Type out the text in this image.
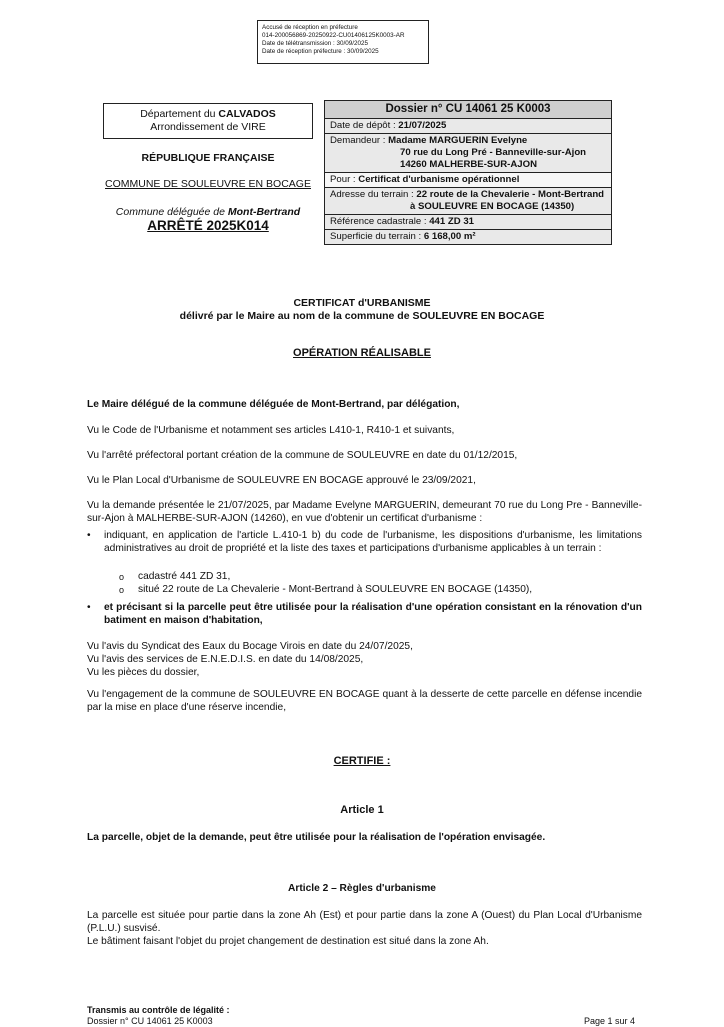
Accusé de réception en préfecture
014-200056869-20250922-CU01406125K0003-AR
Date de télétransmission : 30/09/2025
Date de réception préfecture : 30/09/2025
Département du CALVADOS
Arrondissement de VIRE
RÉPUBLIQUE FRANÇAISE
COMMUNE DE SOULEUVRE EN BOCAGE
Commune déléguée de Mont-Bertrand
ARRÊTÉ 2025K014
Dossier n° CU 14061 25 K0003
Date de dépôt : 21/07/2025
Demandeur : Madame MARGUERIN Evelyne
70 rue du Long Pré - Banneville-sur-Ajon
14260 MALHERBE-SUR-AJON
Pour : Certificat d'urbanisme opérationnel
Adresse du terrain : 22 route de la Chevalerie - Mont-Bertrand
à SOULEUVRE EN BOCAGE (14350)
Référence cadastrale : 441 ZD 31
Superficie du terrain : 6 168,00 m²
CERTIFICAT d'URBANISME
délivré par le Maire au nom de la commune de SOULEUVRE EN BOCAGE
OPÉRATION RÉALISABLE
Le Maire délégué de la commune déléguée de Mont-Bertrand, par délégation,
Vu le Code de l'Urbanisme et notamment ses articles L410-1, R410-1 et suivants,
Vu l'arrêté préfectoral portant création de la commune de SOULEUVRE en date du 01/12/2015,
Vu le Plan Local d'Urbanisme de SOULEUVRE EN BOCAGE approuvé le 23/09/2021,
Vu la demande présentée le 21/07/2025, par Madame Evelyne MARGUERIN, demeurant 70 rue du Long Pre - Banneville-sur-Ajon à MALHERBE-SUR-AJON (14260), en vue d'obtenir un certificat d'urbanisme :
• indiquant, en application de l'article L.410-1 b) du code de l'urbanisme, les dispositions d'urbanisme, les limitations administratives au droit de propriété et la liste des taxes et participations d'urbanisme applicables à un terrain :
o cadastré 441 ZD 31,
o situé 22 route de La Chevalerie - Mont-Bertrand à SOULEUVRE EN BOCAGE (14350),
• et précisant si la parcelle peut être utilisée pour la réalisation d'une opération consistant en la rénovation d'un batiment en maison d'habitation,
Vu l'avis du Syndicat des Eaux du Bocage Virois en date du 24/07/2025,
Vu l'avis des services de E.N.E.D.I.S. en date du 14/08/2025,
Vu les pièces du dossier,
Vu l'engagement de la commune de SOULEUVRE EN BOCAGE quant à la desserte de cette parcelle en défense incendie par la mise en place d'une réserve incendie,
CERTIFIE :
Article 1
La parcelle, objet de la demande, peut être utilisée pour la réalisation de l'opération envisagée.
Article 2 – Règles d'urbanisme
La parcelle est située pour partie dans la zone Ah (Est) et pour partie dans la zone A (Ouest) du Plan Local d'Urbanisme (P.L.U.) susvisé.
Le bâtiment faisant l'objet du projet changement de destination est situé dans la zone Ah.
Transmis au contrôle de légalité :
Dossier n° CU 14061 25 K0003	Page 1 sur 4
